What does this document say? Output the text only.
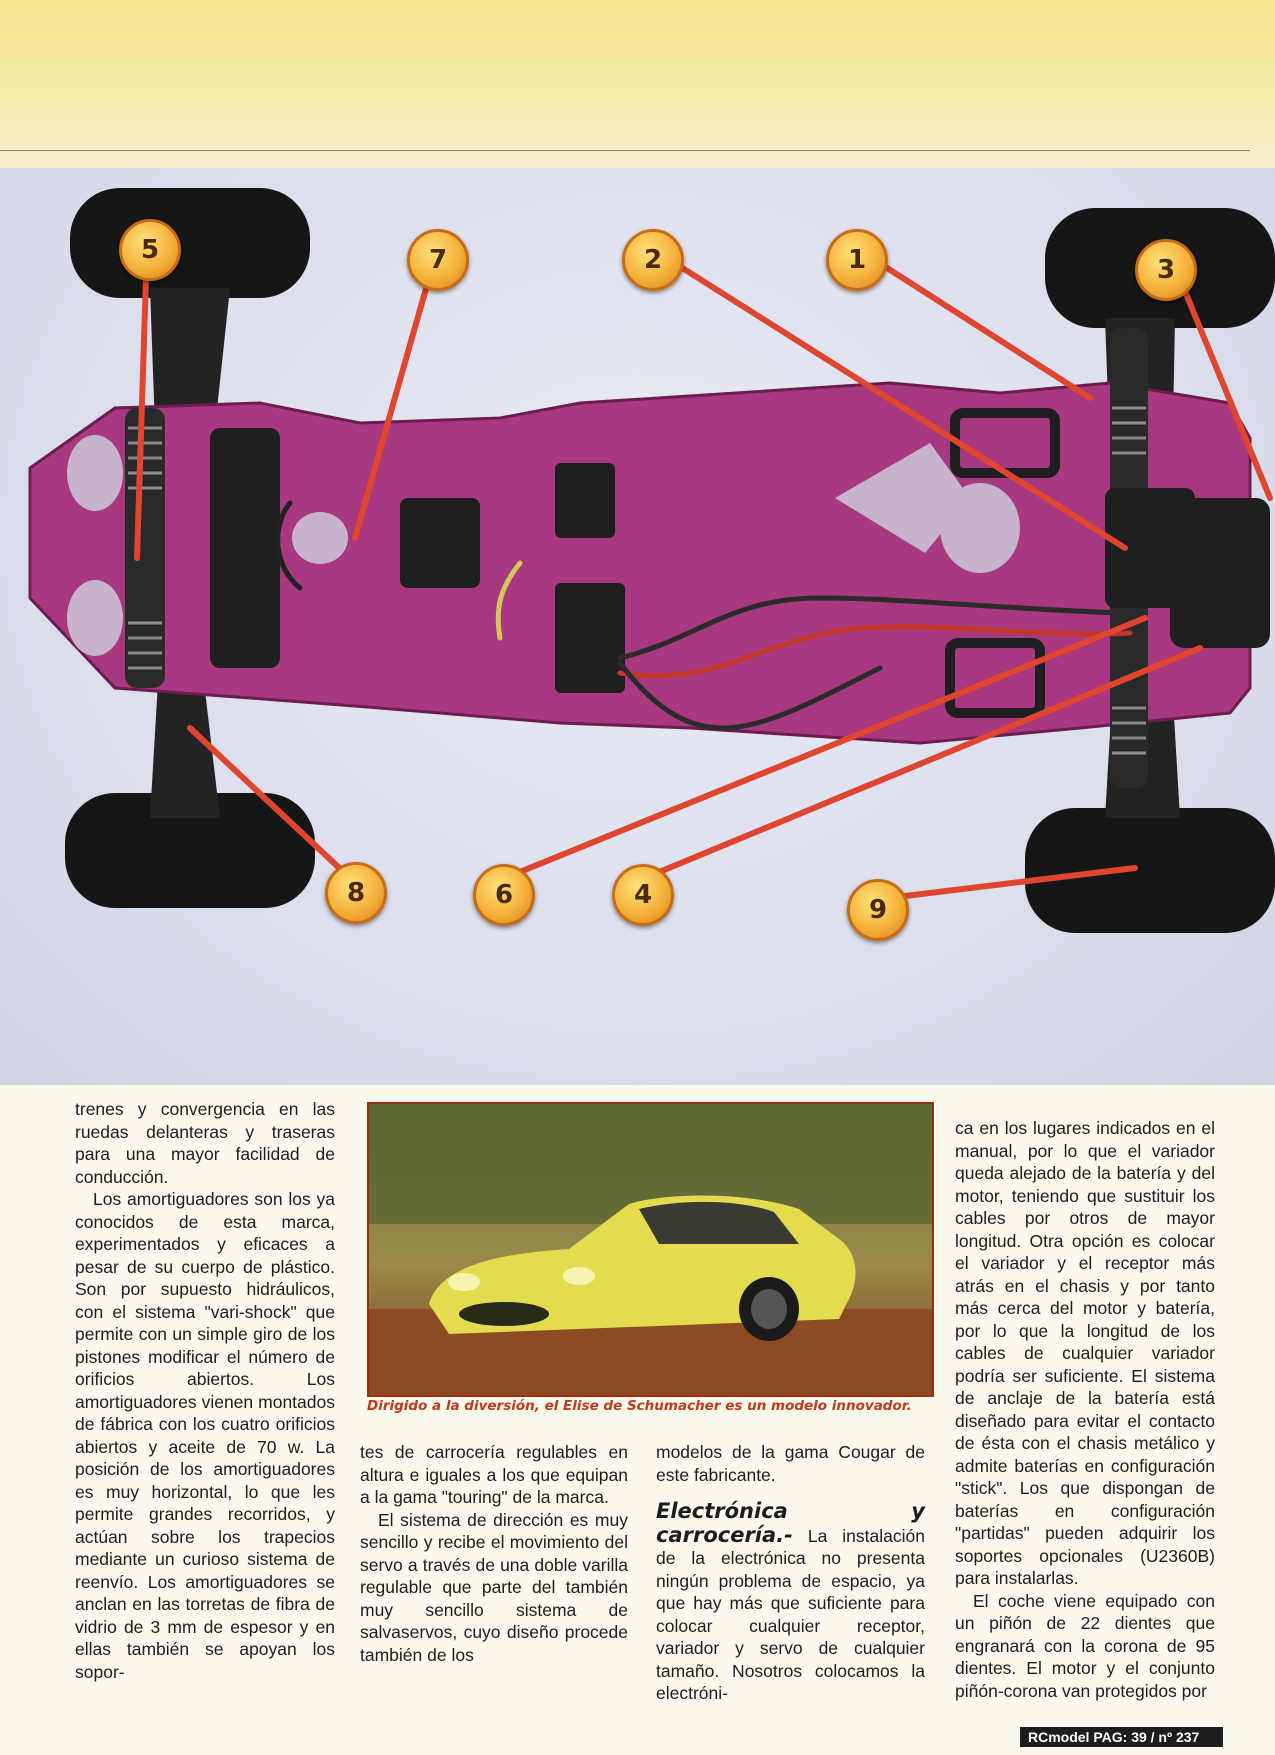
5	7	2	1	3
8	6	4	9

trenes y convergencia en las ruedas delanteras y traseras para una mayor facilidad de conducción.

Los amortiguadores son los ya conocidos de esta marca, experimentados y eficaces a pesar de su cuerpo de plástico. Son por supuesto hidráulicos, con el sistema "vari-shock" que permite con un simple giro de los pistones modificar el número de orificios abiertos. Los amortiguadores vienen montados de fábrica con los cuatro orificios abiertos y aceite de 70 w. La posición de los amortiguadores es muy horizontal, lo que les permite grandes recorridos, y actúan sobre los trapecios mediante un curioso sistema de reenvío. Los amortiguadores se anclan en las torretas de fibra de vidrio de 3 mm de espesor y en ellas también se apoyan los sopor-

Dirigido a la diversión, el Elise de Schumacher es un modelo innovador.

tes de carrocería regulables en altura e iguales a los que equipan a la gama "touring" de la marca.

El sistema de dirección es muy sencillo y recibe el movimiento del servo a través de una doble varilla regulable que parte del también muy sencillo sistema de salvaservos, cuyo diseño procede también de los

modelos de la gama Cougar de este fabricante.

Electrónica y carrocería.- La instalación de la electrónica no presenta ningún problema de espacio, ya que hay más que suficiente para colocar cualquier receptor, variador y servo de cualquier tamaño. Nosotros colocamos la electróni-

ca en los lugares indicados en el manual, por lo que el variador queda alejado de la batería y del motor, teniendo que sustituir los cables por otros de mayor longitud. Otra opción es colocar el variador y el receptor más atrás en el chasis y por tanto más cerca del motor y batería, por lo que la longitud de los cables de cualquier variador podría ser suficiente. El sistema de anclaje de la batería está diseñado para evitar el contacto de ésta con el chasis metálico y admite baterías en configuración "stick". Los que dispongan de baterías en configuración "partidas" pueden adquirir los soportes opcionales (U2360B) para instalarlas.

El coche viene equipado con un piñón de 22 dientes que engranará con la corona de 95 dientes. El motor y el conjunto piñón-corona van protegidos por

RCmodel PAG: 39 / nº 237
